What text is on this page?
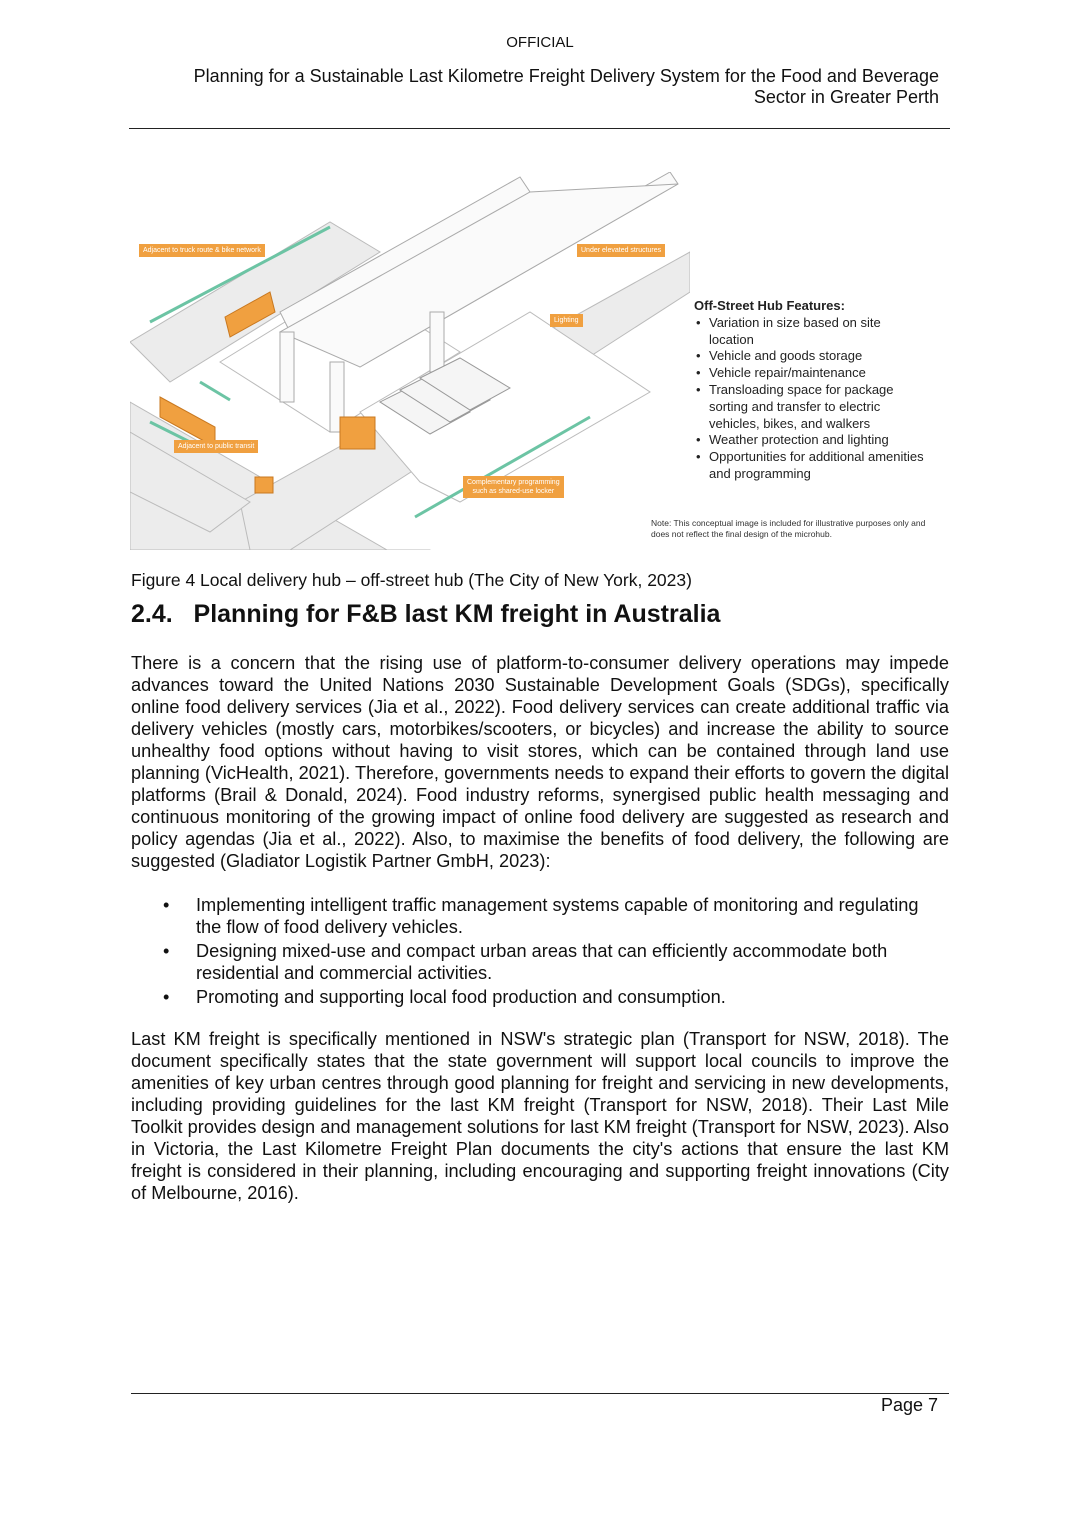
OFFICIAL
Planning for a Sustainable Last Kilometre Freight Delivery System for the Food and Beverage
Sector in Greater Perth
Adjacent to truck route & bike network	Under elevated structures
Lighting
Adjacent to public transit
Complementary programming
such as shared-use locker
Off-Street Hub Features:
• Variation in size based on site location
• Vehicle and goods storage
• Vehicle repair/maintenance
• Transloading space for package sorting and transfer to electric vehicles, bikes, and walkers
• Weather protection and lighting
• Opportunities for additional amenities and programming
Note: This conceptual image is included for illustrative purposes only and does not reflect the final design of the microhub.
Figure 4 Local delivery hub – off-street hub (The City of New York, 2023)
2.4.   Planning for F&B last KM freight in Australia

There is a concern that the rising use of platform-to-consumer delivery operations may impede advances toward the United Nations 2030 Sustainable Development Goals (SDGs), specifically online food delivery services (Jia et al., 2022). Food delivery services can create additional traffic via delivery vehicles (mostly cars, motorbikes/scooters, or bicycles) and increase the ability to source unhealthy food options without having to visit stores, which can be contained through land use planning (VicHealth, 2021). Therefore, governments needs to expand their efforts to govern the digital platforms (Brail & Donald, 2024). Food industry reforms, synergised public health messaging and continuous monitoring of the growing impact of online food delivery are suggested as research and policy agendas (Jia et al., 2022). Also, to maximise the benefits of food delivery, the following are suggested (Gladiator Logistik Partner GmbH, 2023):

• Implementing intelligent traffic management systems capable of monitoring and regulating the flow of food delivery vehicles.
• Designing mixed-use and compact urban areas that can efficiently accommodate both residential and commercial activities.
• Promoting and supporting local food production and consumption.

Last KM freight is specifically mentioned in NSW's strategic plan (Transport for NSW, 2018). The document specifically states that the state government will support local councils to improve the amenities of key urban centres through good planning for freight and servicing in new developments, including providing guidelines for the last KM freight (Transport for NSW, 2018). Their Last Mile Toolkit provides design and management solutions for last KM freight (Transport for NSW, 2023). Also in Victoria, the Last Kilometre Freight Plan documents the city's actions that ensure the last KM freight is considered in their planning, including encouraging and supporting freight innovations (City of Melbourne, 2016).

Page 7
